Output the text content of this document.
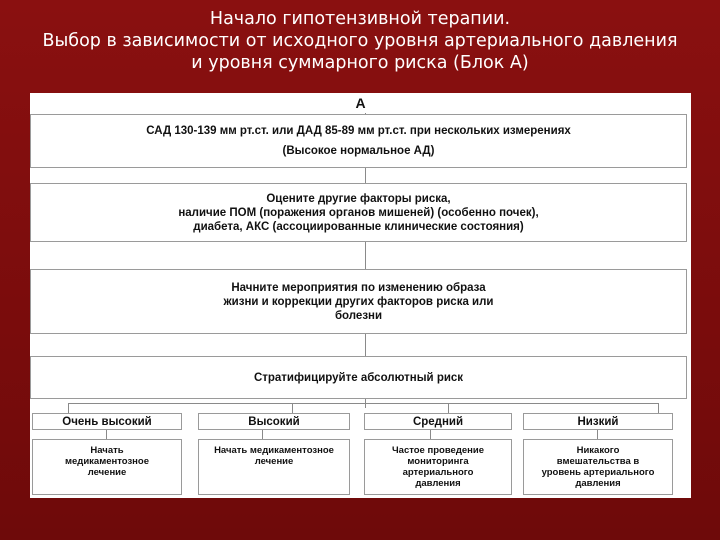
Начало гипотензивной терапии.
Выбор в зависимости от исходного уровня артериального давления
и уровня суммарного риска (Блок А)
А
САД 130-139 мм рт.ст. или ДАД 85-89 мм рт.ст. при нескольких измерениях
(Высокое нормальное АД)
Оцените другие факторы риска,
наличие ПОМ (поражения органов мишеней) (особенно почек),
диабета, АКС (ассоциированные клинические состояния)
Начните мероприятия по изменению образа
жизни и коррекции других факторов риска или
болезни
Стратифицируйте абсолютный риск
Очень высокий	Высокий	Средний	Низкий
Начать
медикаментозное
лечение
Начать медикаментозное
лечение
Частое проведение
мониторинга
артериального
давления
Никакого
вмешательства в
уровень артериального
давления
